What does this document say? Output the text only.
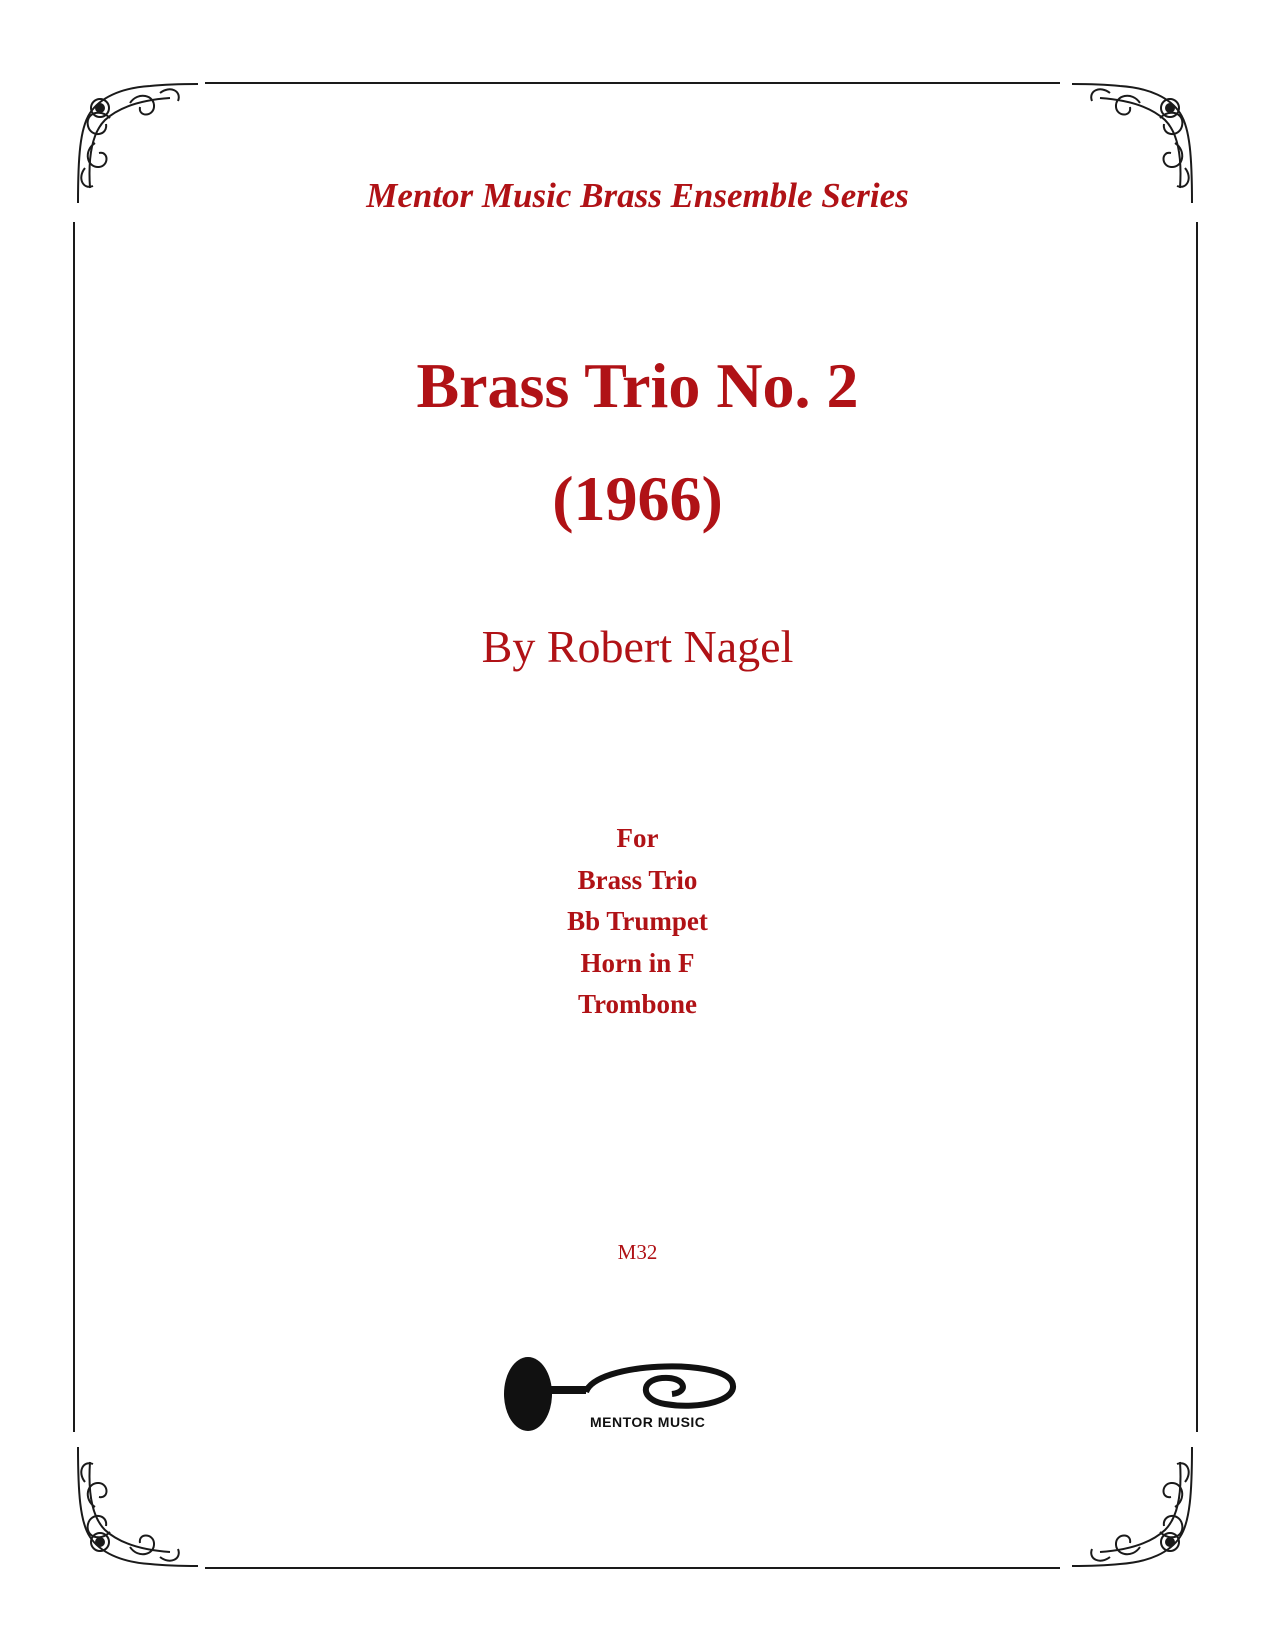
Mentor Music Brass Ensemble Series
Brass Trio No. 2
(1966)
By Robert Nagel
For
Brass Trio
Bb Trumpet
Horn in F
Trombone
M32
MENTOR MUSIC
